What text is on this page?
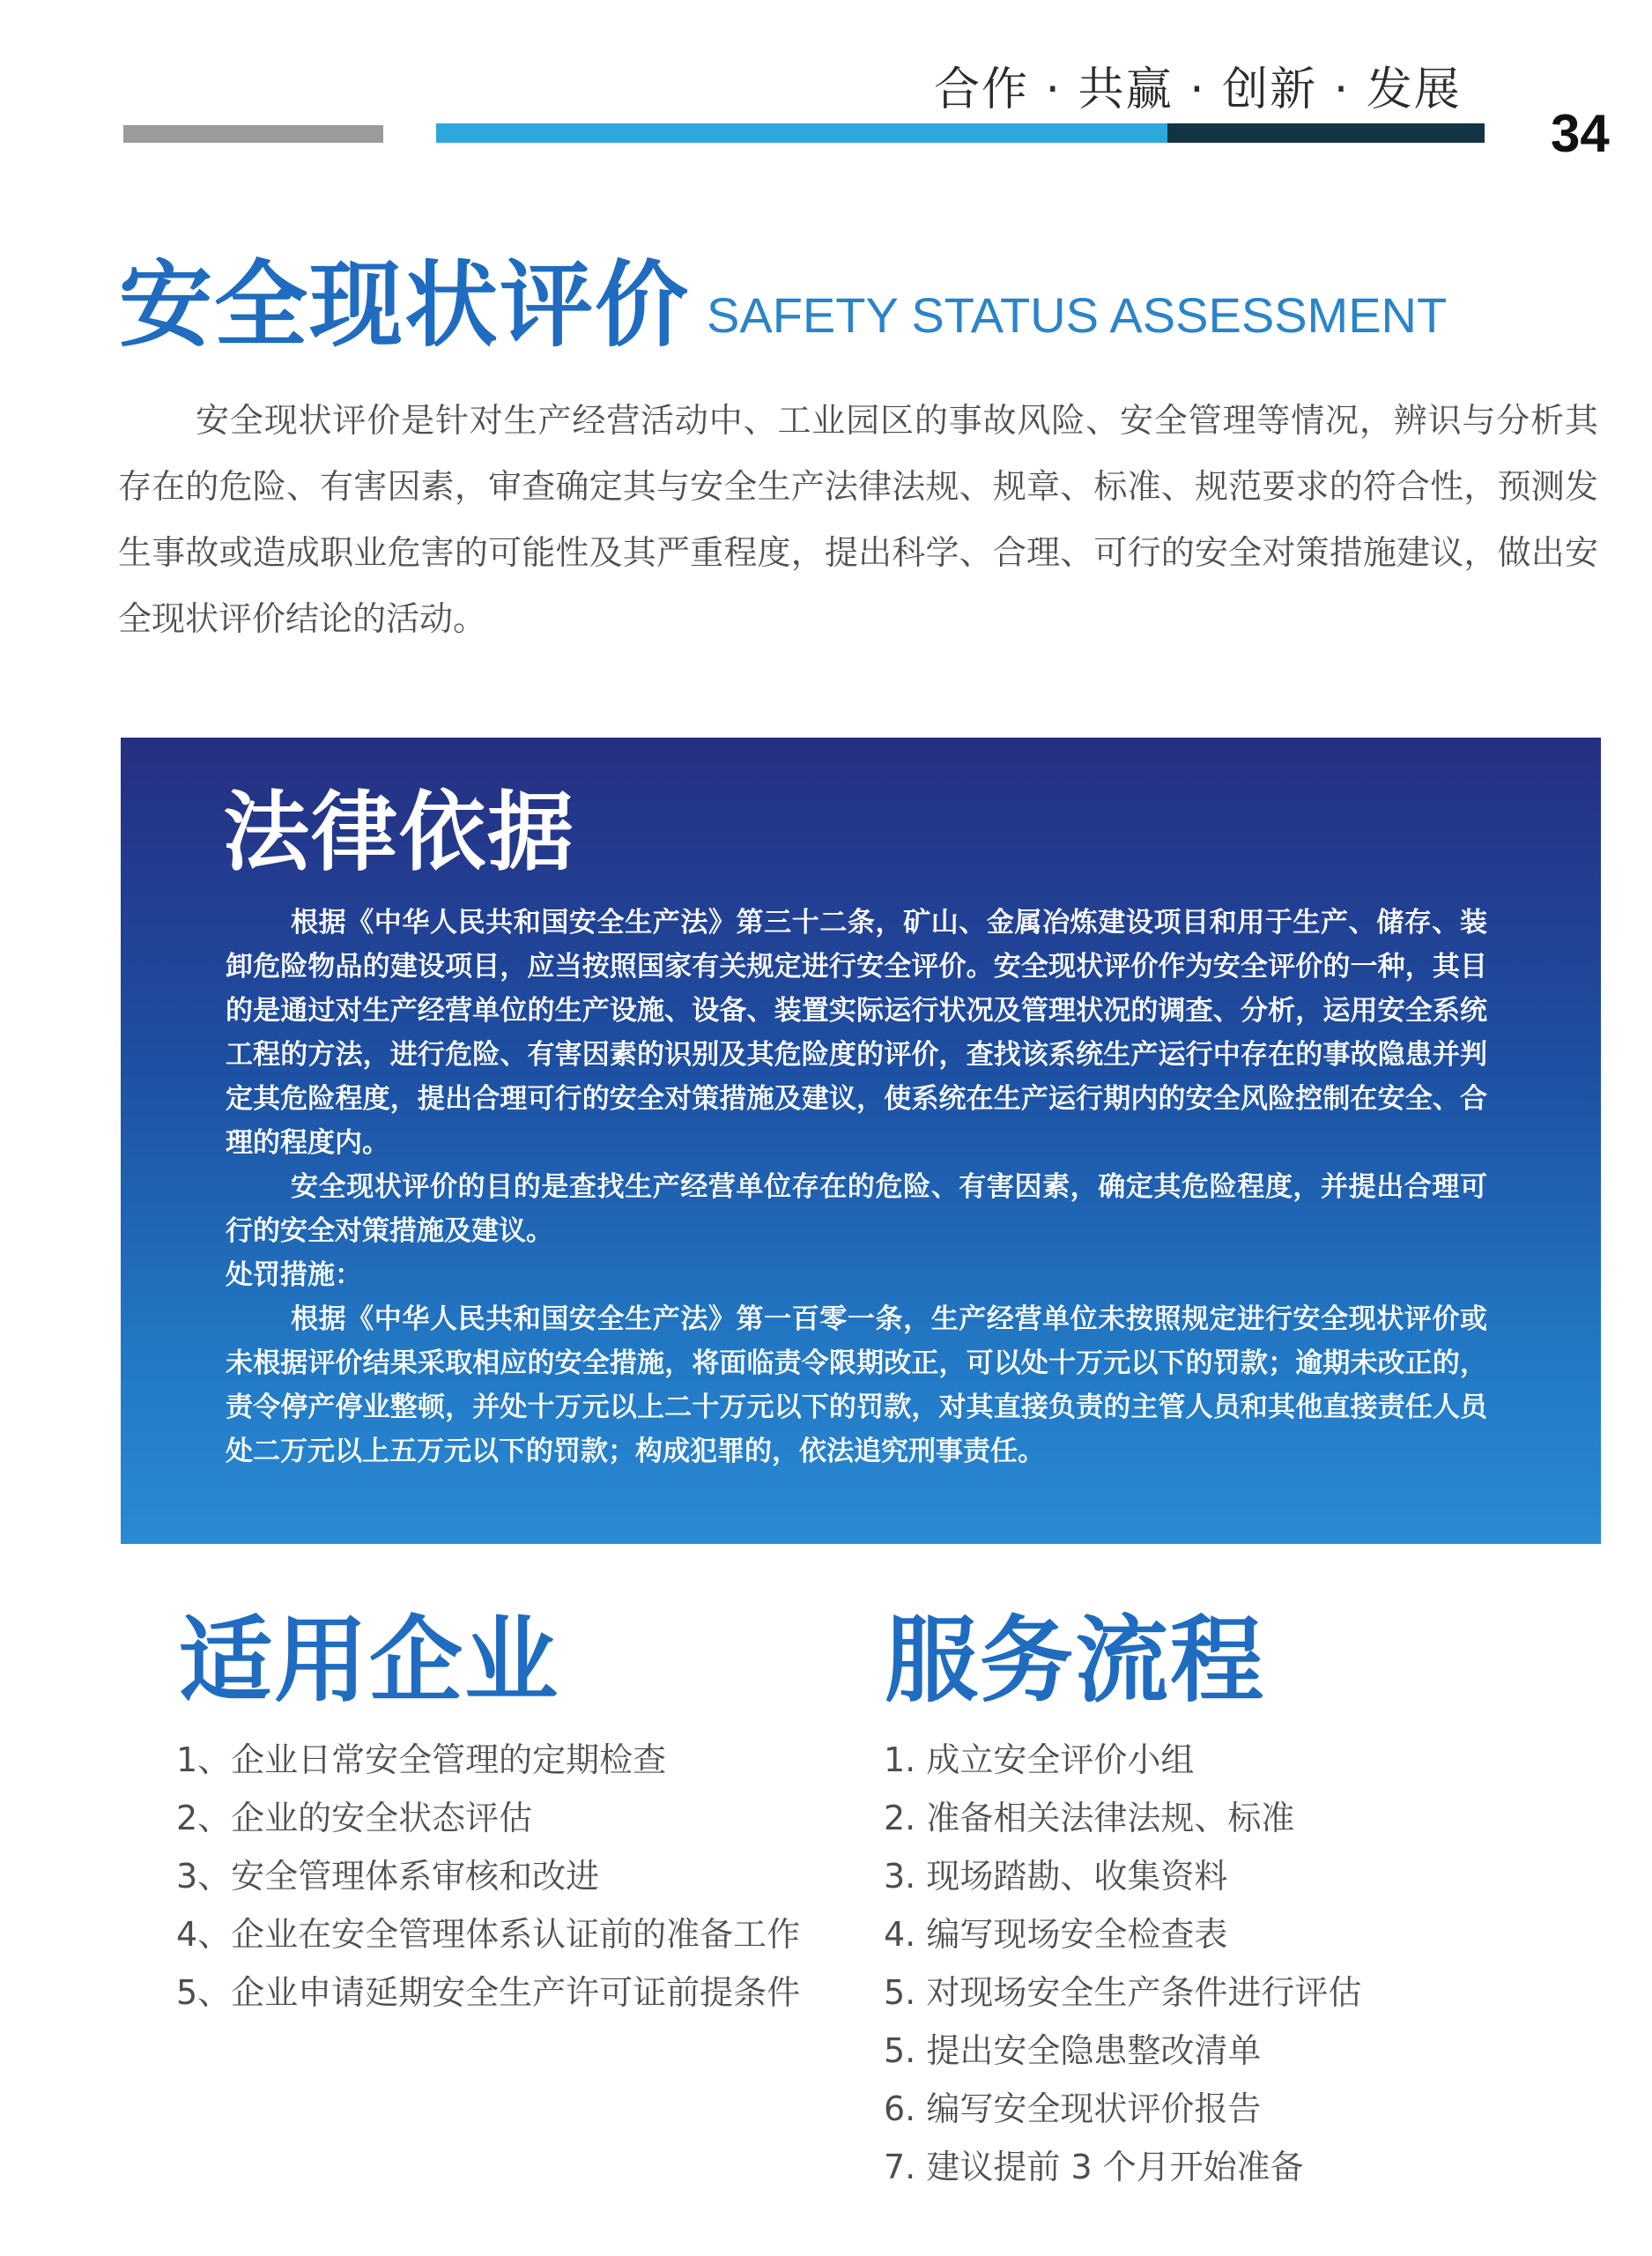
合作 · 共赢 · 创新 · 发展
34
安全现状评价 SAFETY STATUS ASSESSMENT
安全现状评价是针对生产经营活动中、工业园区的事故风险、安全管理等情况，辨识与分析其存在的危险、有害因素，审查确定其与安全生产法律法规、规章、标准、规范要求的符合性，预测发生事故或造成职业危害的可能性及其严重程度，提出科学、合理、可行的安全对策措施建议，做出安全现状评价结论的活动。
法律依据

根据《中华人民共和国安全生产法》第三十二条，矿山、金属冶炼建设项目和用于生产、储存、装卸危险物品的建设项目，应当按照国家有关规定进行安全评价。安全现状评价作为安全评价的一种，其目的是通过对生产经营单位的生产设施、设备、装置实际运行状况及管理状况的调查、分析，运用安全系统工程的方法，进行危险、有害因素的识别及其危险度的评价，查找该系统生产运行中存在的事故隐患并判定其危险程度，提出合理可行的安全对策措施及建议，使系统在生产运行期内的安全风险控制在安全、合理的程度内。

安全现状评价的目的是查找生产经营单位存在的危险、有害因素，确定其危险程度，并提出合理可行的安全对策措施及建议。

处罚措施：

根据《中华人民共和国安全生产法》第一百零一条，生产经营单位未按照规定进行安全现状评价或未根据评价结果采取相应的安全措施，将面临责令限期改正，可以处十万元以下的罚款；逾期未改正的，责令停产停业整顿，并处十万元以上二十万元以下的罚款，对其直接负责的主管人员和其他直接责任人员处二万元以上五万元以下的罚款；构成犯罪的，依法追究刑事责任。

适用企业
1、企业日常安全管理的定期检查
2、企业的安全状态评估
3、安全管理体系审核和改进
4、企业在安全管理体系认证前的准备工作
5、企业申请延期安全生产许可证前提条件
服务流程
1. 成立安全评价小组
2. 准备相关法律法规、标准
3. 现场踏勘、收集资料
4. 编写现场安全检查表
5. 对现场安全生产条件进行评估
5. 提出安全隐患整改清单
6. 编写安全现状评价报告
7. 建议提前 3 个月开始准备
